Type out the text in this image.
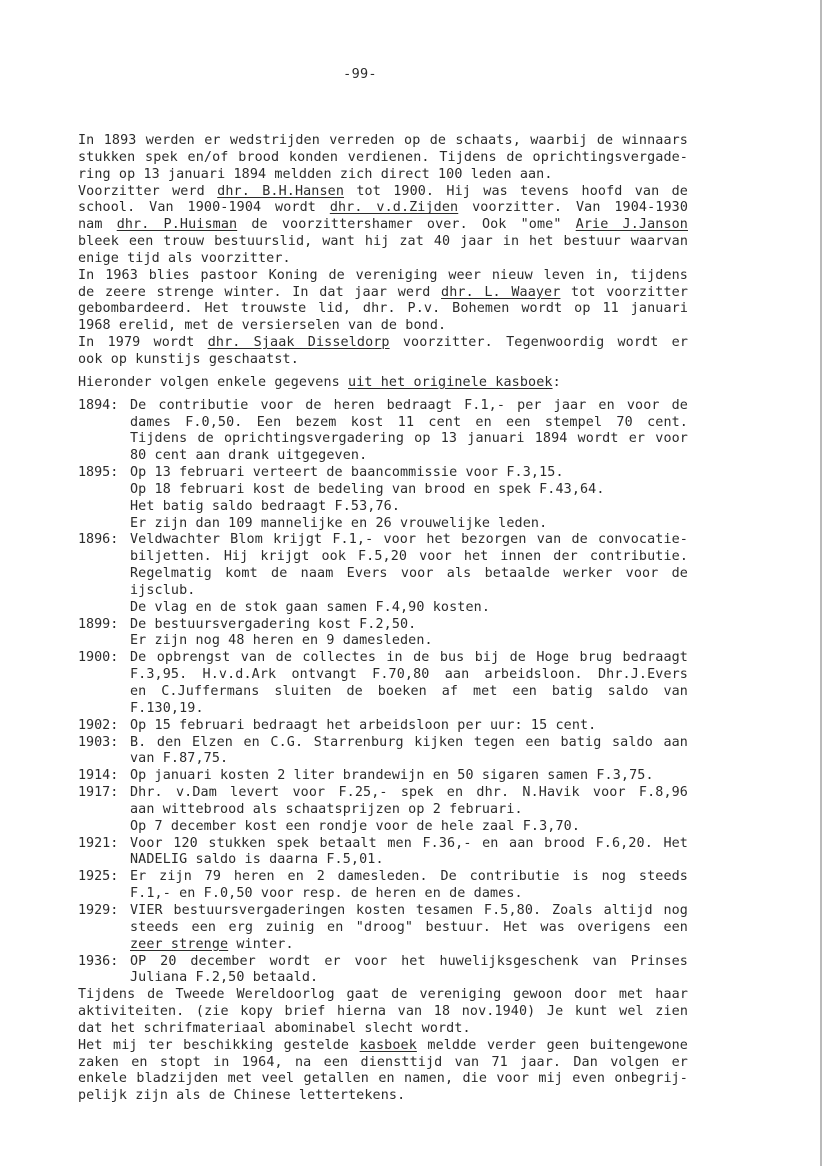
-99-
In 1893 werden er wedstrijden verreden op de schaats, waarbij de winnaars
stukken spek en/of brood konden verdienen. Tijdens de oprichtingsvergade-
ring op 13 januari 1894 meldden zich direct 100 leden aan.
Voorzitter werd dhr. B.H.Hansen tot 1900. Hij was tevens hoofd van de
school. Van 1900-1904 wordt dhr. v.d.Zijden voorzitter. Van 1904-1930
nam dhr. P.Huisman de voorzittershamer over. Ook "ome" Arie J.Janson
bleek een trouw bestuurslid, want hij zat 40 jaar in het bestuur waarvan
enige tijd als voorzitter.
In 1963 blies pastoor Koning de vereniging weer nieuw leven in, tijdens
de zeere strenge winter. In dat jaar werd dhr. L. Waayer tot voorzitter
gebombardeerd. Het trouwste lid, dhr. P.v. Bohemen wordt op 11 januari
1968 erelid, met de versierselen van de bond.
In 1979 wordt dhr. Sjaak Disseldorp voorzitter. Tegenwoordig wordt er
ook op kunstijs geschaatst.
Hieronder volgen enkele gegevens uit het originele kasboek:
1894: De contributie voor de heren bedraagt F.1,- per jaar en voor de
dames F.0,50. Een bezem kost 11 cent en een stempel 70 cent.
Tijdens de oprichtingsvergadering op 13 januari 1894 wordt er voor
80 cent aan drank uitgegeven.
1895: Op 13 februari verteert de baancommissie voor F.3,15.
Op 18 februari kost de bedeling van brood en spek F.43,64.
Het batig saldo bedraagt F.53,76.
Er zijn dan 109 mannelijke en 26 vrouwelijke leden.
1896: Veldwachter Blom krijgt F.1,- voor het bezorgen van de convocatie-
biljetten. Hij krijgt ook F.5,20 voor het innen der contributie.
Regelmatig komt de naam Evers voor als betaalde werker voor de
ijsclub.
De vlag en de stok gaan samen F.4,90 kosten.
1899: De bestuursvergadering kost F.2,50.
Er zijn nog 48 heren en 9 damesleden.
1900: De opbrengst van de collectes in de bus bij de Hoge brug bedraagt
F.3,95. H.v.d.Ark ontvangt F.70,80 aan arbeidsloon. Dhr.J.Evers
en C.Juffermans sluiten de boeken af met een batig saldo van
F.130,19.
1902: Op 15 februari bedraagt het arbeidsloon per uur: 15 cent.
1903: B. den Elzen en C.G. Starrenburg kijken tegen een batig saldo aan
van F.87,75.
1914: Op januari kosten 2 liter brandewijn en 50 sigaren samen F.3,75.
1917: Dhr. v.Dam levert voor F.25,- spek en dhr. N.Havik voor F.8,96
aan wittebrood als schaatsprijzen op 2 februari.
Op 7 december kost een rondje voor de hele zaal F.3,70.
1921: Voor 120 stukken spek betaalt men F.36,- en aan brood F.6,20. Het
NADELIG saldo is daarna F.5,01.
1925: Er zijn 79 heren en 2 damesleden. De contributie is nog steeds
F.1,- en F.0,50 voor resp. de heren en de dames.
1929: VIER bestuursvergaderingen kosten tesamen F.5,80. Zoals altijd nog
steeds een erg zuinig en "droog" bestuur. Het was overigens een
zeer strenge winter.
1936: OP 20 december wordt er voor het huwelijksgeschenk van Prinses
Juliana F.2,50 betaald.
Tijdens de Tweede Wereldoorlog gaat de vereniging gewoon door met haar
aktiviteiten. (zie kopy brief hierna van 18 nov.1940) Je kunt wel zien
dat het schrifmateriaal abominabel slecht wordt.
Het mij ter beschikking gestelde kasboek meldde verder geen buitengewone
zaken en stopt in 1964, na een diensttijd van 71 jaar. Dan volgen er
enkele bladzijden met veel getallen en namen, die voor mij even onbegrij-
pelijk zijn als de Chinese lettertekens.
